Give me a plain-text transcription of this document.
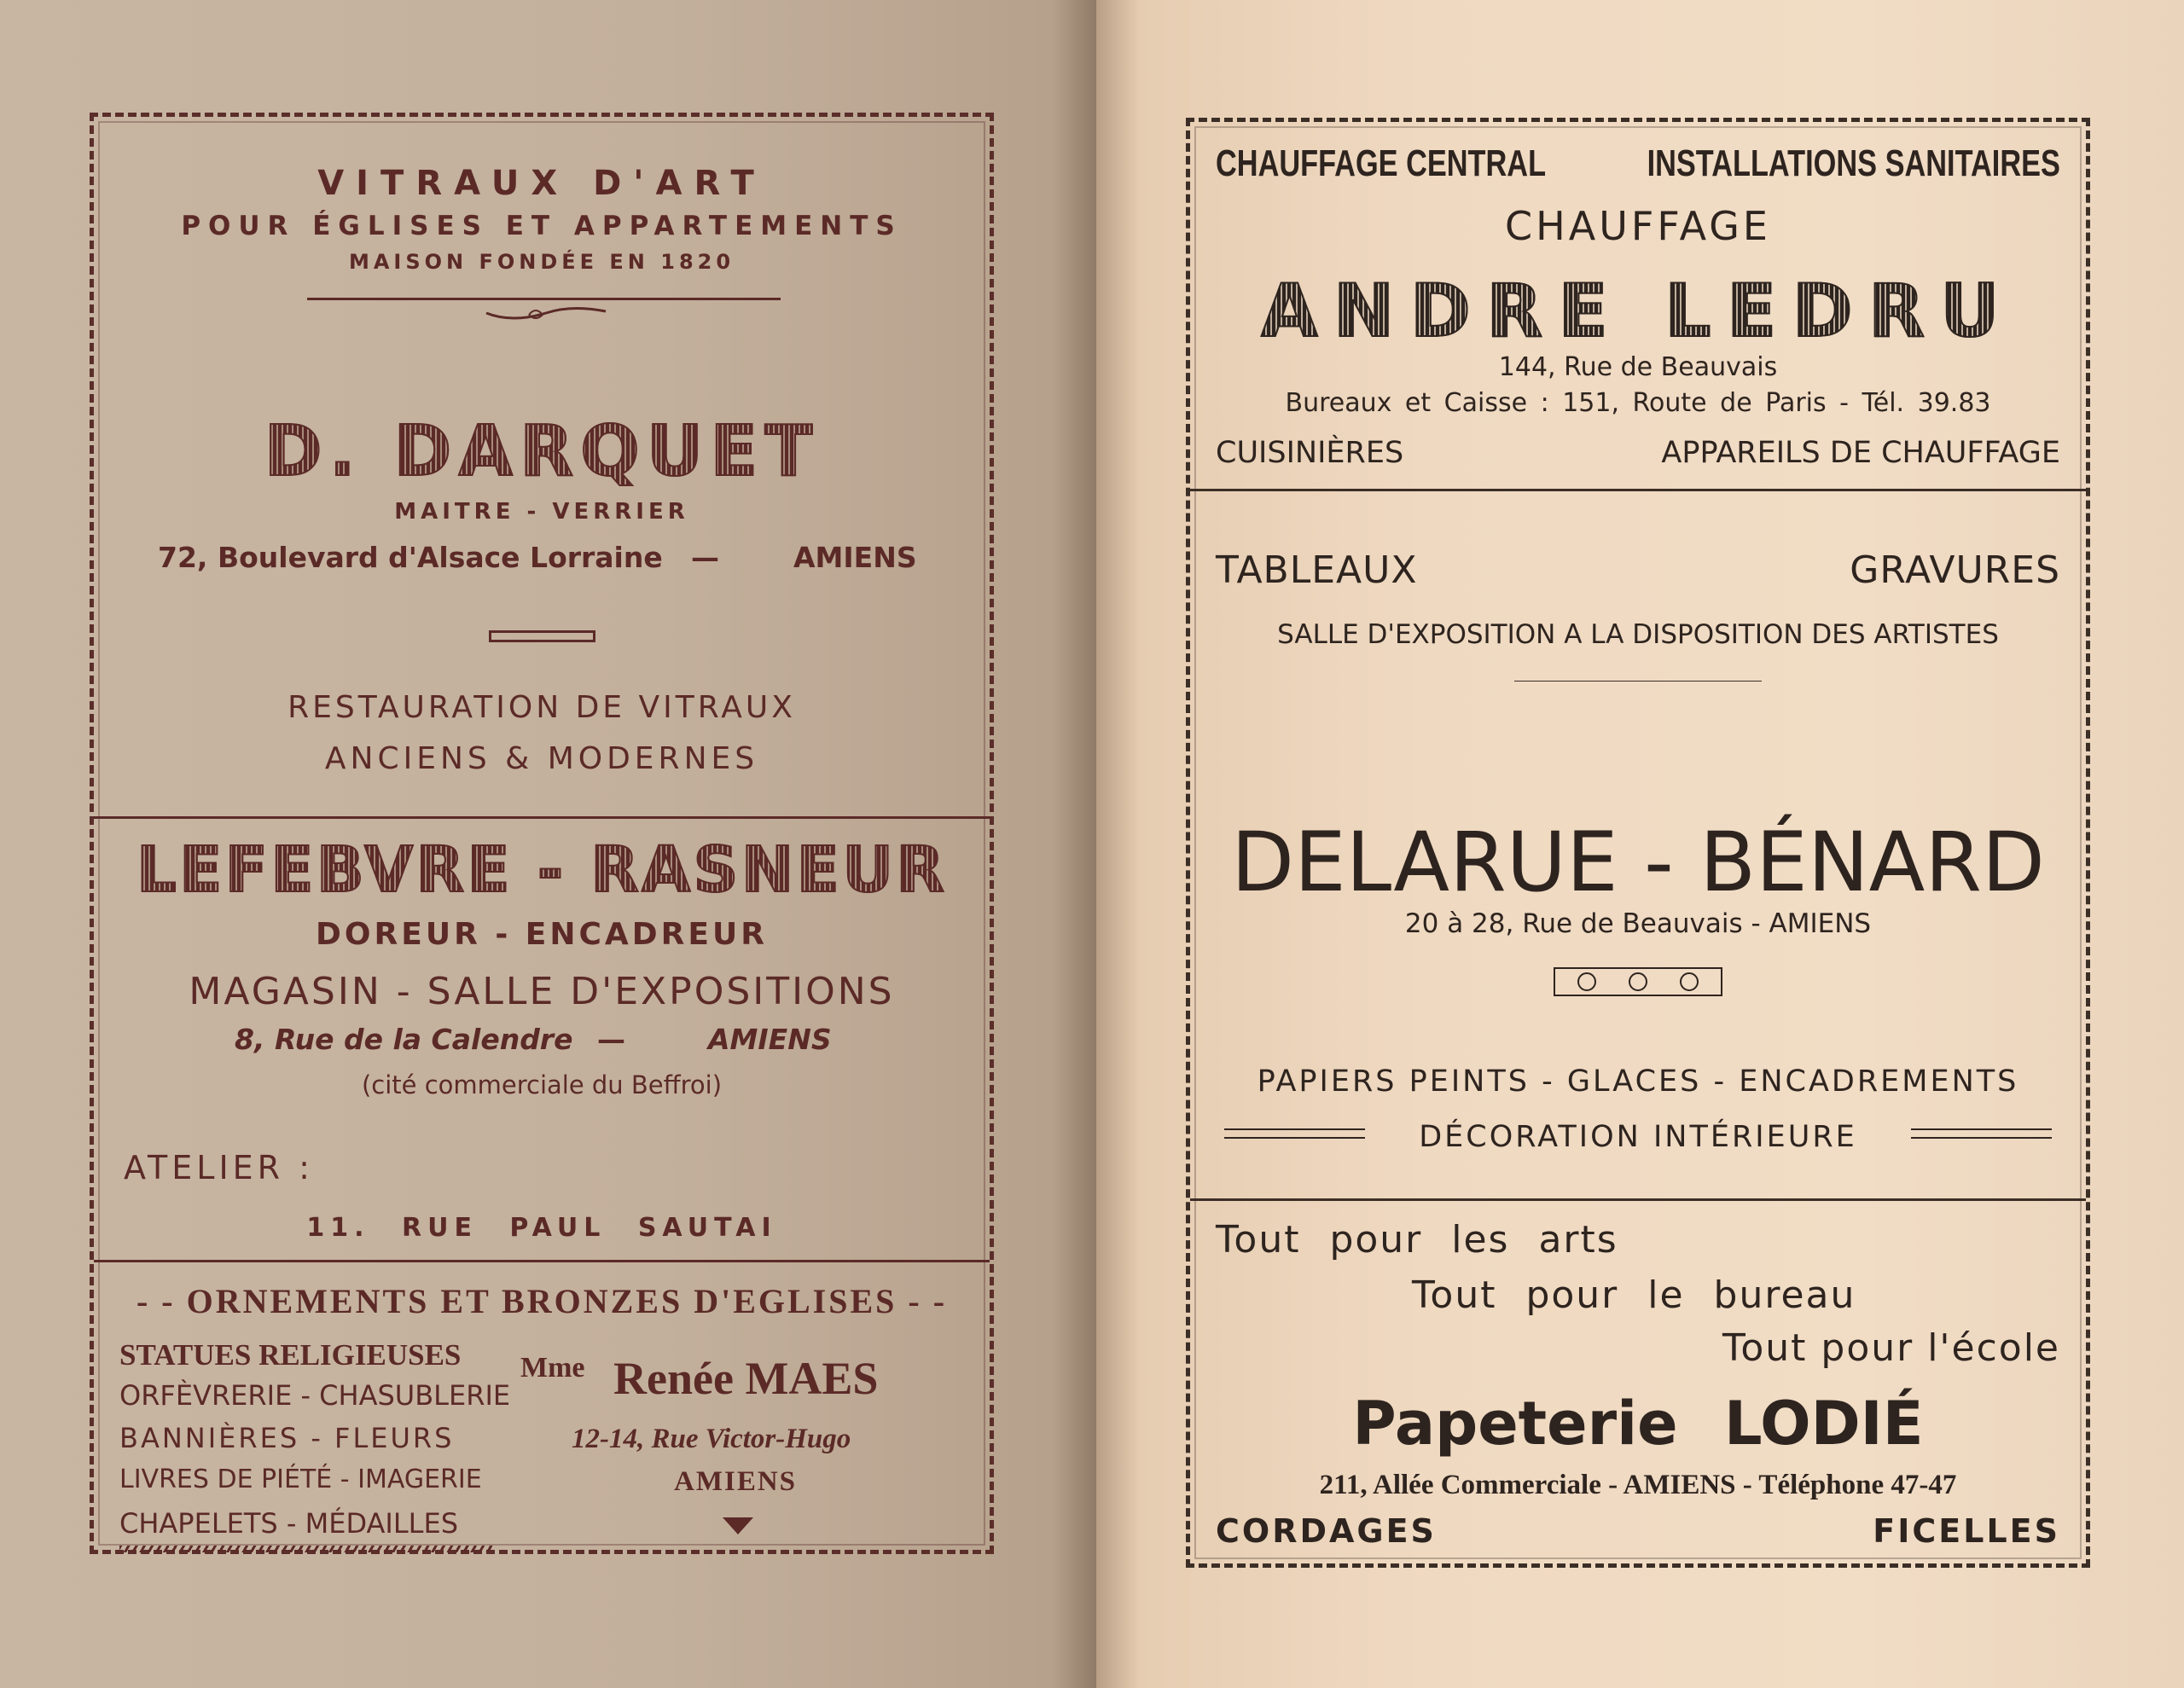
VITRAUX D'ART
POUR ÉGLISES ET APPARTEMENTS
MAISON FONDÉE EN 1820
D. DARQUET
MAITRE - VERRIER
72, Boulevard d'Alsace Lorraine —	AMIENS
RESTAURATION DE VITRAUX
ANCIENS & MODERNES
LEFEBVRE - RASNEUR
DOREUR - ENCADREUR
MAGASIN - SALLE D'EXPOSITIONS
8, Rue de la Calendre —	AMIENS
(cité commerciale du Beffroi)
ATELIER :
11. RUE PAUL SAUTAI
- - ORNEMENTS ET BRONZES D'EGLISES - -
STATUES RELIGIEUSES
ORFÈVRERIE - CHASUBLERIE
BANNIÈRES - FLEURS
LIVRES DE PIÉTÉ - IMAGERIE
CHAPELETS - MÉDAILLES
$^{Mme}$ Renée MAES
12-14, Rue Victor-Hugo
AMIENS
CHAUFFAGE CENTRAL	INSTALLATIONS SANITAIRES
CHAUFFAGE
ANDRE LEDRU
144, Rue de Beauvais
Bureaux et Caisse : 151, Route de Paris - Tél. 39.83
CUISINIÈRES	APPAREILS DE CHAUFFAGE
TABLEAUX	GRAVURES
SALLE D'EXPOSITION A LA DISPOSITION DES ARTISTES
DELARUE - BÉNARD
20 à 28, Rue de Beauvais - AMIENS
PAPIERS PEINTS - GLACES - ENCADREMENTS
DÉCORATION INTÉRIEURE
Tout pour les arts
Tout pour le bureau
Tout pour l'école
Papeterie LODIÉ
211, Allée Commerciale - AMIENS - Téléphone 47-47
CORDAGES	FICELLES
